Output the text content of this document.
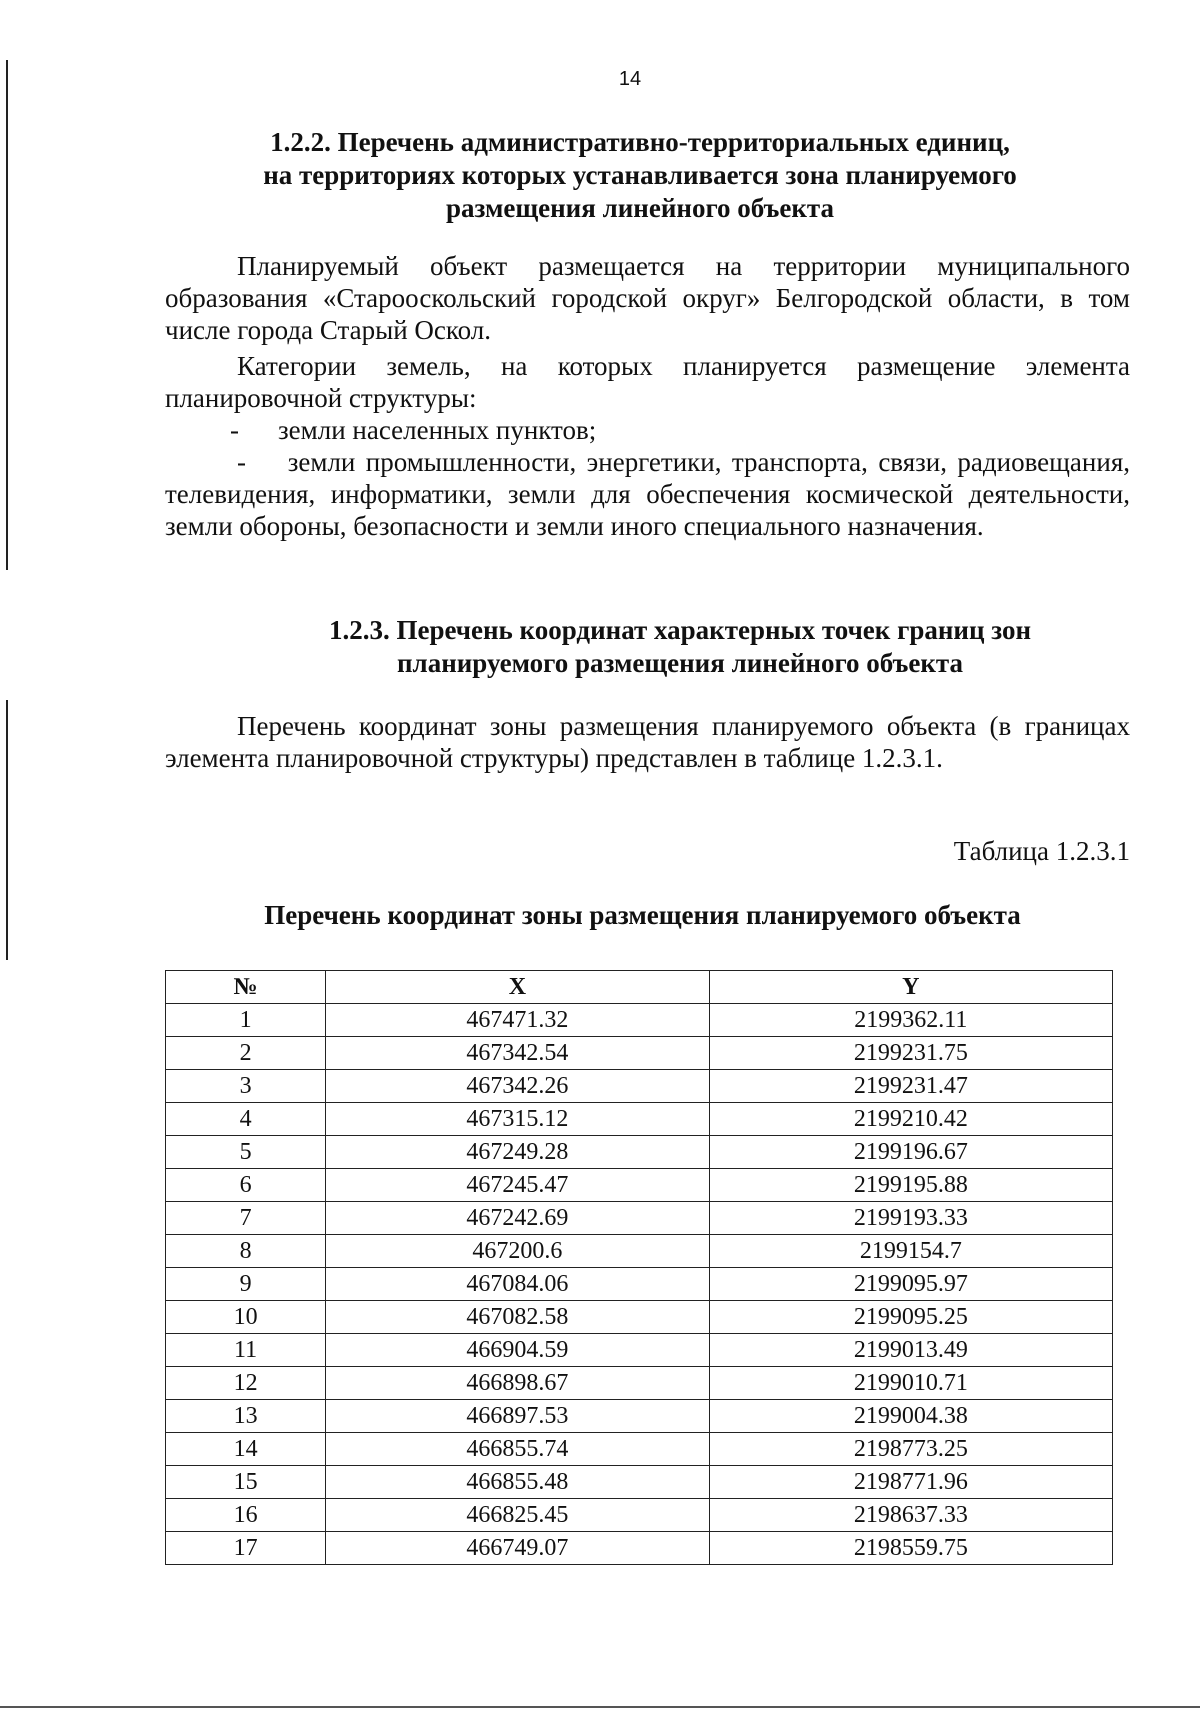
14
1.2.2. Перечень административно-территориальных единиц,
на территориях которых устанавливается зона планируемого
размещения линейного объекта
Планируемый объект размещается на территории муниципального образования «Старооскольский городской округ» Белгородской области, в том числе города Старый Оскол.
Категории земель, на которых планируется размещение элемента планировочной структуры:
- земли населенных пунктов;
- земли промышленности, энергетики, транспорта, связи, радиовещания, телевидения, информатики, земли для обеспечения космической деятельности, земли обороны, безопасности и земли иного специального назначения.
1.2.3. Перечень координат характерных точек границ зон
планируемого размещения линейного объекта
Перечень координат зоны размещения планируемого объекта (в границах элемента планировочной структуры) представлен в таблице 1.2.3.1.
Таблица 1.2.3.1
Перечень координат зоны размещения планируемого объекта
№	X	Y
1	467471.32	2199362.11
2	467342.54	2199231.75
3	467342.26	2199231.47
4	467315.12	2199210.42
5	467249.28	2199196.67
6	467245.47	2199195.88
7	467242.69	2199193.33
8	467200.6	2199154.7
9	467084.06	2199095.97
10	467082.58	2199095.25
11	466904.59	2199013.49
12	466898.67	2199010.71
13	466897.53	2199004.38
14	466855.74	2198773.25
15	466855.48	2198771.96
16	466825.45	2198637.33
17	466749.07	2198559.75
